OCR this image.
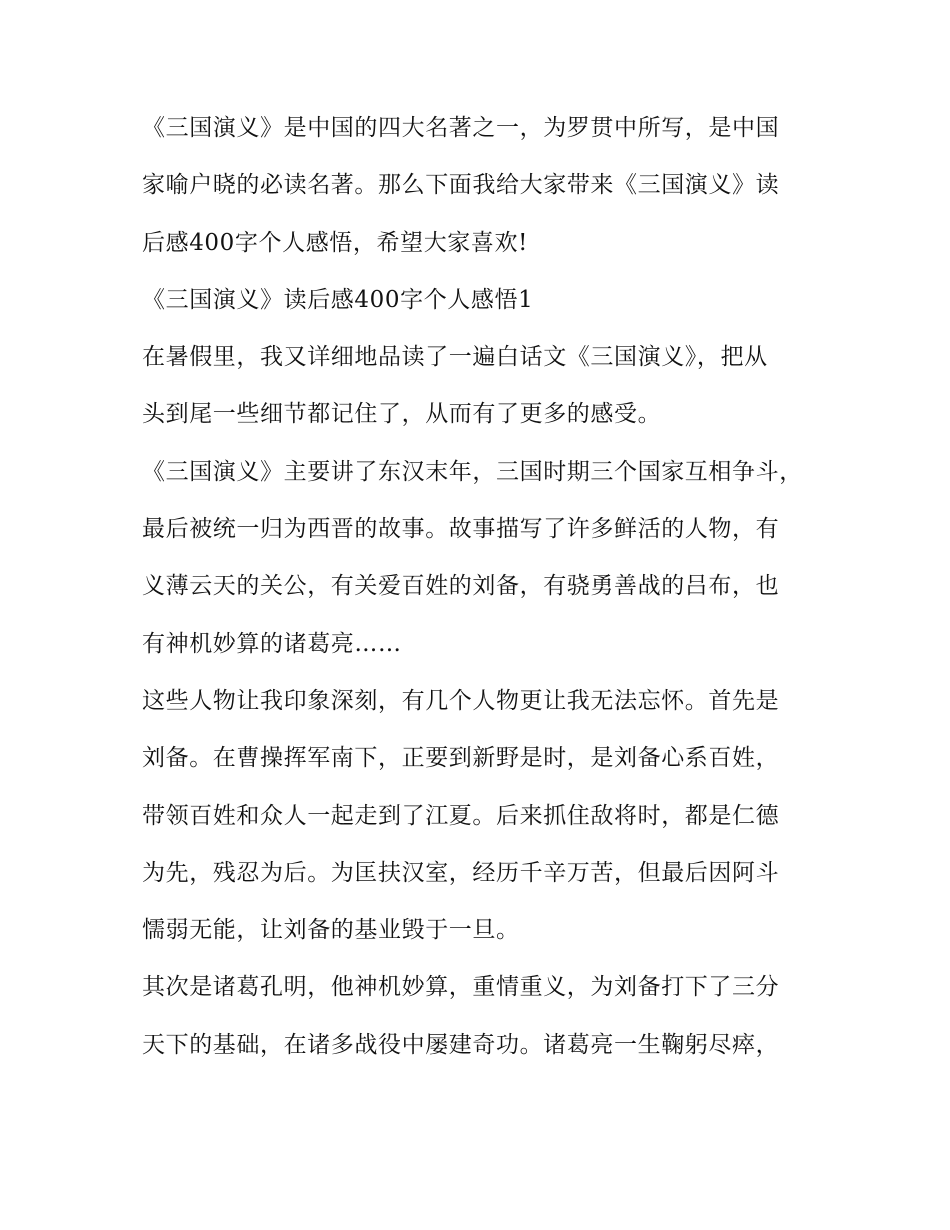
《三国演义》是中国的四大名著之一，为罗贯中所写，是中国
家喻户晓的必读名著。那么下面我给大家带来《三国演义》读
后感400字个人感悟，希望大家喜欢!
《三国演义》读后感400字个人感悟1
在暑假里，我又详细地品读了一遍白话文《三国演义》，把从
头到尾一些细节都记住了，从而有了更多的感受。
《三国演义》主要讲了东汉末年，三国时期三个国家互相争斗，
最后被统一归为西晋的故事。故事描写了许多鲜活的人物，有
义薄云天的关公，有关爱百姓的刘备，有骁勇善战的吕布，也
有神机妙算的诸葛亮……
这些人物让我印象深刻，有几个人物更让我无法忘怀。首先是
刘备。在曹操挥军南下，正要到新野是时，是刘备心系百姓，
带领百姓和众人一起走到了江夏。后来抓住敌将时，都是仁德
为先，残忍为后。为匡扶汉室，经历千辛万苦，但最后因阿斗
懦弱无能，让刘备的基业毁于一旦。
其次是诸葛孔明，他神机妙算，重情重义，为刘备打下了三分
天下的基础，在诸多战役中屡建奇功。诸葛亮一生鞠躬尽瘁，
